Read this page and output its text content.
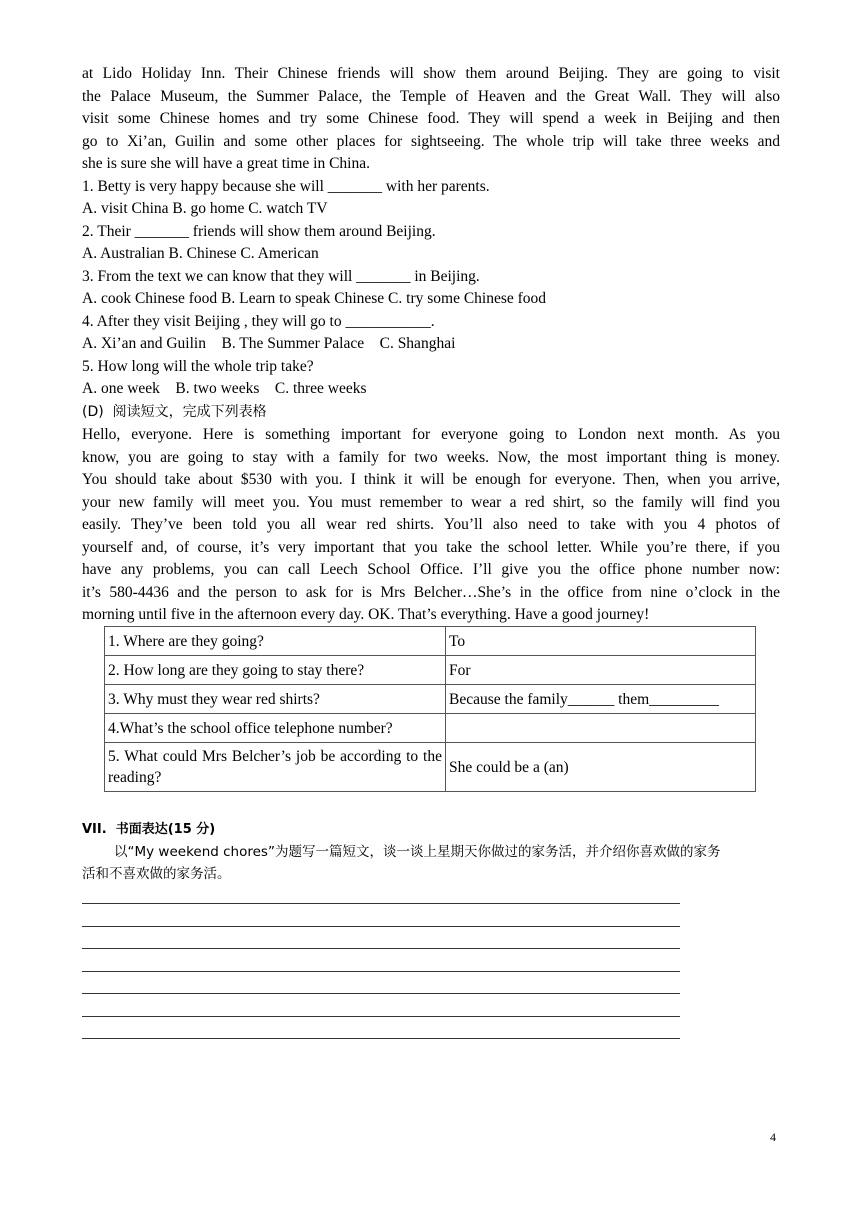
at Lido Holiday Inn. Their Chinese friends will show them around Beijing. They are going to visit
the Palace Museum, the Summer Palace, the Temple of Heaven and the Great Wall. They will also
visit some Chinese homes and try some Chinese food. They will spend a week in Beijing and then
go to Xi’an, Guilin and some other places for sightseeing. The whole trip will take three weeks and
she is sure she will have a great time in China.
1. Betty is very happy because she will _______ with her parents.
A. visit China B. go home C. watch TV
2. Their _______ friends will show them around Beijing.
A. Australian B. Chinese C. American
3. From the text we can know that they will _______ in Beijing.
A. cook Chinese food B. Learn to speak Chinese C. try some Chinese food
4. After they visit Beijing , they will go to ___________.
A. Xi’an and Guilin    B. The Summer Palace    C. Shanghai
5. How long will the whole trip take?
A. one week    B. two weeks    C. three weeks
(D)  阅读短文，完成下列表格
Hello, everyone. Here is something important for everyone going to London next month. As you
know, you are going to stay with a family for two weeks. Now, the most important thing is money.
You should take about $530 with you. I think it will be enough for everyone. Then, when you arrive,
your new family will meet you. You must remember to wear a red shirt, so the family will find you
easily. They’ve been told you all wear red shirts. You’ll also need to take with you 4 photos of
yourself and, of course, it’s very important that you take the school letter. While you’re there, if you
have any problems, you can call Leech School Office. I’ll give you the office phone number now:
it’s 580-4436 and the person to ask for is Mrs Belcher…She’s in the office from nine o’clock in the
morning until five in the afternoon every day. OK. That’s everything. Have a good journey!
1. Where are they going?	To
2. How long are they going to stay there?	For
3. Why must they wear red shirts?	Because the family______ them_________
4.What’s the school office telephone number?	
5. What could Mrs Belcher’s job be according to the reading?	She could be a (an)
VII.  书面表达(15 分)
以“My weekend chores”为题写一篇短文，谈一谈上星期天你做过的家务活，并介绍你喜欢做的家务
活和不喜欢做的家务活。
4
